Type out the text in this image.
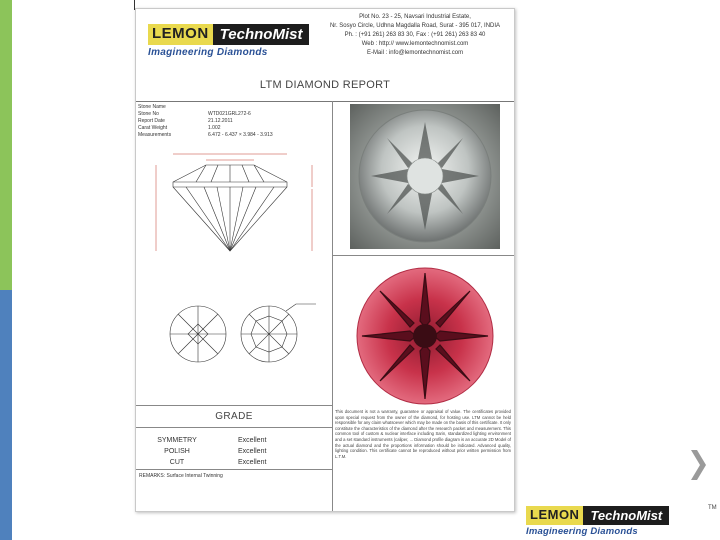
LEMON TechnoMist
Imagineering Diamonds
Plot No. 23 - 25, Navsari Industrial Estate,
Nr. Sosyo Circle, Udhna Magdalla Road, Surat - 395 017, INDIA
Ph. : (+91 261) 263 83 30, Fax : (+91 261) 263 83 40
Web : http:// www.lemontechnomist.com
E-Mail : info@lemontechnomist.com
LTM DIAMOND REPORT
Stone Name
Stone No	WTD021GRL272-6
Report Date	21.12.2011
Carat Weight	1.002
Measurements	6.472 - 6.437 × 3.984 - 3.913
GRADE
SYMMETRY	Excellent
POLISH	Excellent
CUT	Excellent
REMARKS: Surface Internal Twinning
This document is not a warranty, guarantee or appraisal of value. The centificates provided upon special request from the owner of the diamond, for hosting use. LTM cannot be held responsible for any claim whatsoever which may be made on the basis of this certificate. It only constitute the characteristics of the diamond after the research packet and measurement. This common tool of custom & nuclear interface including Sarin, standardized lighting environment and a set standard instruments (caliper, ... Diamond profile diagram is an accurate 2D Model of the actual diamond and the proportions information should be indicated. Advanced quality, lighting condition. This certificate cannot be reproduced without prior written permission from L.T.M.
LEMON TechnoMist
Imagineering Diamonds
TM
